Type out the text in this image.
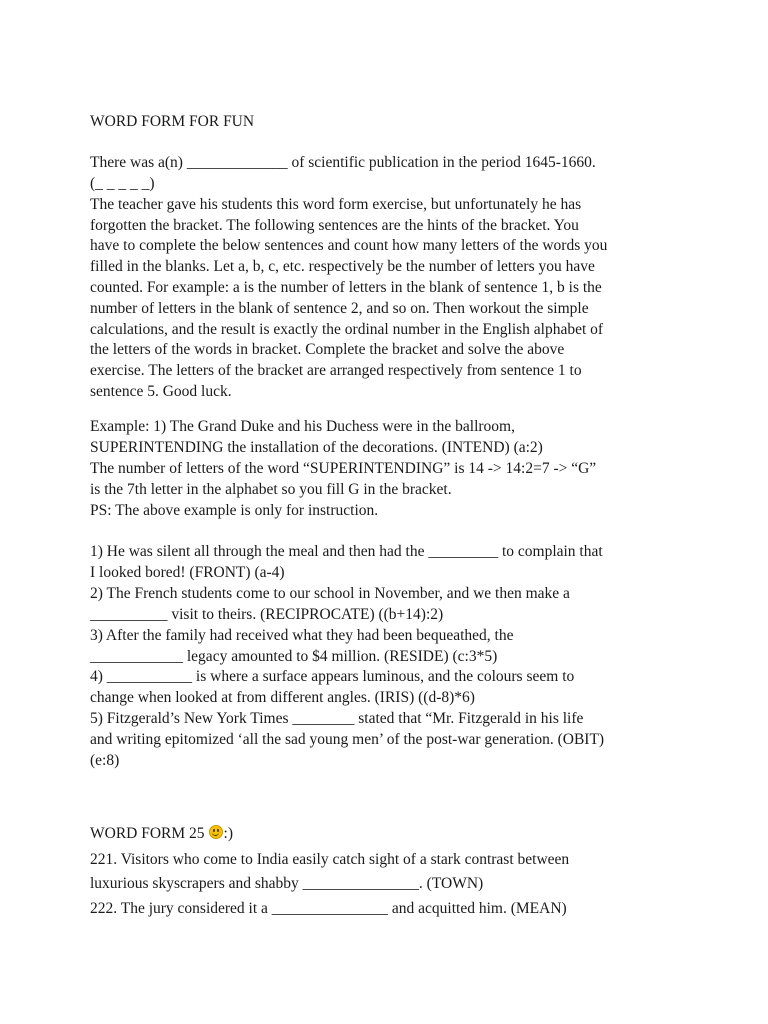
WORD FORM FOR FUN

There was a(n) _____________ of scientific publication in the period 1645-1660.

(_ _ _ _ _)

The teacher gave his students this word form exercise, but unfortunately he has

forgotten the bracket. The following sentences are the hints of the bracket. You

have to complete the below sentences and count how many letters of the words you

filled in the blanks. Let a, b, c, etc. respectively be the number of letters you have

counted. For example: a is the number of letters in the blank of sentence 1, b is the

number of letters in the blank of sentence 2, and so on. Then workout the simple

calculations, and the result is exactly the ordinal number in the English alphabet of

the letters of the words in bracket. Complete the bracket and solve the above

exercise. The letters of the bracket are arranged respectively from sentence 1 to

sentence 5. Good luck.

Example: 1) The Grand Duke and his Duchess were in the ballroom,

SUPERINTENDING the installation of the decorations. (INTEND) (a:2)

The number of letters of the word “SUPERINTENDING” is 14 -> 14:2=7 -> “G”

is the 7th letter in the alphabet so you fill G in the bracket.

PS: The above example is only for instruction.

1) He was silent all through the meal and then had the _________ to complain that

I looked bored! (FRONT) (a-4)

2) The French students come to our school in November, and we then make a

__________ visit to theirs. (RECIPROCATE) ((b+14):2)

3) After the family had received what they had been bequeathed, the

____________ legacy amounted to $4 million. (RESIDE) (c:3*5)

4) ___________ is where a surface appears luminous, and the colours seem to

change when looked at from different angles. (IRIS) ((d-8)*6)

5) Fitzgerald’s New York Times ________ stated that “Mr. Fitzgerald in his life

and writing epitomized ‘all the sad young men’ of the post-war generation. (OBIT)

(e:8)

WORD FORM 25 :)

221. Visitors who come to India easily catch sight of a stark contrast between

luxurious skyscrapers and shabby _______________. (TOWN)

222. The jury considered it a _______________ and acquitted him. (MEAN)
